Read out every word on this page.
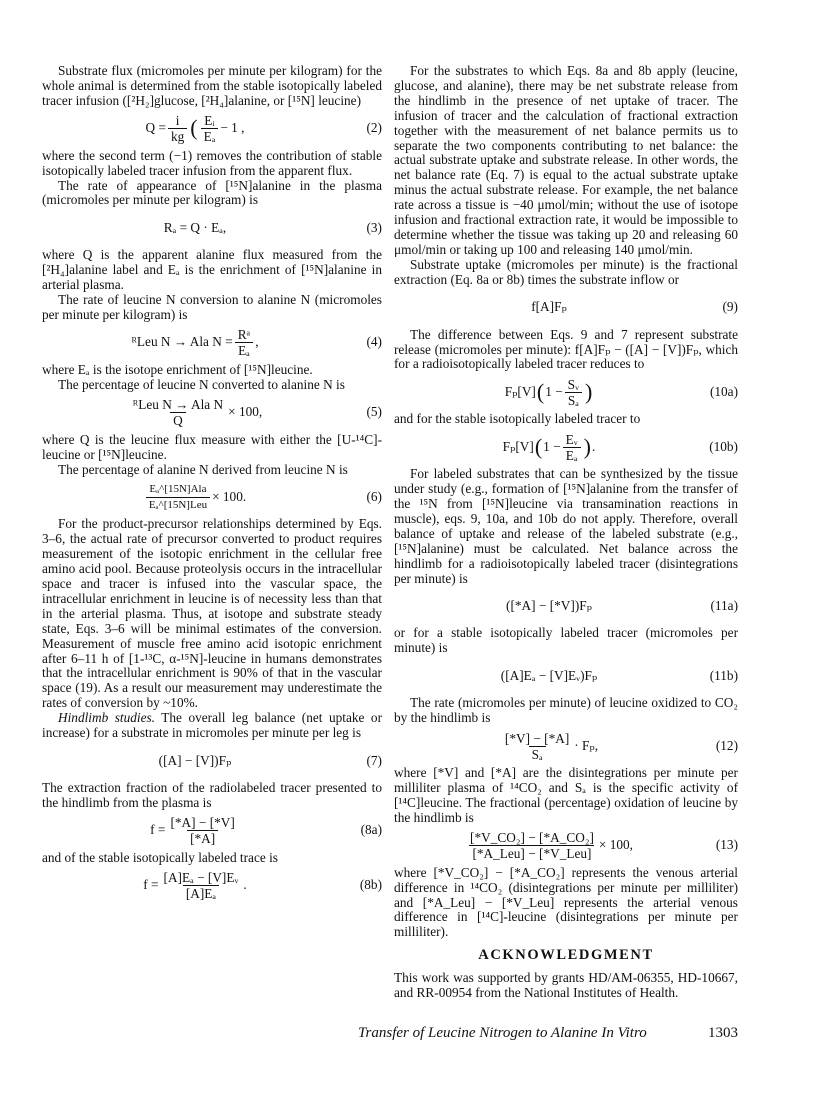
Substrate flux (micromoles per minute per kilogram) for the whole animal is determined from the stable isotopically labeled tracer infusion ([²H₂]glucose, [²H₄]alanine, or [¹⁵N] leucine)

$Q = \frac{i}{kg}$ ( $\frac{\text{Eᵢ}}{\text{Eₐ}} - 1$ ,	(2)

where the second term (−1) removes the contribution of stable isotopically labeled tracer infusion from the apparent flux.

The rate of appearance of [¹⁵N]alanine in the plasma (micromoles per minute per kilogram) is

Rₐ = Q · Eₐ,	(3)

where Q is the apparent alanine flux measured from the [²H₄]alanine label and Eₐ is the enrichment of [¹⁵N]alanine in arterial plasma.

The rate of leucine N conversion to alanine N (micromoles per minute per kilogram) is

ᴿLeu N → Ala $N = \frac{\text{Rᵃ}}{\text{Eₐ}}$ ,	(4)

where Eₐ is the isotope enrichment of [¹⁵N]leucine.

The percentage of leucine N converted to alanine N is

$\frac{\text{ᴿLeu N → Ala N}}{Q} \times 100$,	(5)

where Q is the leucine flux measure with either the [U-¹⁴C]-leucine or [¹⁵N]leucine.

The percentage of alanine N derived from leucine N is

$\frac{\text{Eₐ\textasciicircum{}[15N]Ala}}{\text{Eₐ\textasciicircum{}[15N]Leu}} \times 100$.	(6)

For the product-precursor relationships determined by Eqs. 3–6, the actual rate of precursor converted to product requires measurement of the isotopic enrichment in the cellular free amino acid pool. Because proteolysis occurs in the intracellular space and tracer is infused into the vascular space, the intracellular enrichment in leucine is of necessity less than that in the arterial plasma. Thus, at isotope and substrate steady state, Eqs. 3–6 will be minimal estimates of the conversion. Measurement of muscle free amino acid isotopic enrichment after 6–11 h of [1-¹³C, α-¹⁵N]-leucine in humans demonstrates that the intracellular enrichment is 90% of that in the vascular space (19). As a result our measurement may underestimate the rates of conversion by ~10%.

Hindlimb studies. The overall leg balance (net uptake or increase) for a substrate in micromoles per minute per leg is

([A] − [V])Fₚ	(7)

The extraction fraction of the radiolabeled tracer presented to the hindlimb from the plasma is

$f = \frac{[*A] - [*V]}{[*A]}$	(8a)

and of the stable isotopically labeled trace is

$f = \frac{\text{[A]Eₐ − [V]Eᵥ}}{\text{[A]Eₐ}}$ .	(8b)

For the substrates to which Eqs. 8a and 8b apply (leucine, glucose, and alanine), there may be net substrate release from the hindlimb in the presence of net uptake of tracer. The infusion of tracer and the calculation of fractional extraction together with the measurement of net balance permits us to separate the two components contributing to net balance: the actual substrate uptake and substrate release. In other words, the net balance rate (Eq. 7) is equal to the actual substrate uptake minus the actual substrate release. For example, the net balance rate across a tissue is −40 μmol/min; without the use of isotope infusion and fractional extraction rate, it would be impossible to determine whether the tissue was taking up 20 and releasing 60 μmol/min or taking up 100 and releasing 140 μmol/min.

Substrate uptake (micromoles per minute) is the fractional extraction (Eq. 8a or 8b) times the substrate inflow or

f[A]Fₚ	(9)

The difference between Eqs. 9 and 7 represent substrate release (micromoles per minute): f[A]Fₚ − ([A] − [V])Fₚ, which for a radioisotopically labeled tracer reduces to

Fₚ[V] ( $1 - \frac{\text{Sᵥ}}{\text{Sₐ}}$ )	(10a)

and for the stable isotopically labeled tracer to

Fₚ[V] ( $1 - \frac{\text{Eᵥ}}{\text{Eₐ}}$ ) .	(10b)

For labeled substrates that can be synthesized by the tissue under study (e.g., formation of [¹⁵N]alanine from the transfer of the ¹⁵N from [¹⁵N]leucine via transamination reactions in muscle), eqs. 9, 10a, and 10b do not apply. Therefore, overall balance of uptake and release of the labeled substrate (e.g., [¹⁵N]alanine) must be calculated. Net balance across the hindlimb for a radioisotopically labeled tracer (disintegrations per minute) is

([*A] − [*V])Fₚ	(11a)

or for a stable isotopically labeled tracer (micromoles per minute) is

([A]Eₐ − [V]Eᵥ)Fₚ	(11b)

The rate (micromoles per minute) of leucine oxidized to CO₂ by the hindlimb is

$\frac{[*V] - [*A]}{\text{Sₐ}} \cdot F_p$,	(12)

where [*V] and [*A] are the disintegrations per minute per milliliter plasma of ¹⁴CO₂ and Sₐ is the specific activity of [¹⁴C]leucine. The fractional (percentage) oxidation of leucine by the hindlimb is

$\frac{\text{[*V\_CO₂] − [*A\_CO₂]}}{\text{[*A\_Leu] − [*V\_Leu]}} \times 100$,	(13)

where [*V_CO₂] − [*A_CO₂] represents the venous arterial difference in ¹⁴CO₂ (disintegrations per minute per milliliter) and [*A_Leu] − [*V_Leu] represents the arterial venous difference in [¹⁴C]-leucine (disintegrations per minute per milliliter).

ACKNOWLEDGMENT

This work was supported by grants HD/AM-06355, HD-10667, and RR-00954 from the National Institutes of Health.

Transfer of Leucine Nitrogen to Alanine In Vitro	1303
